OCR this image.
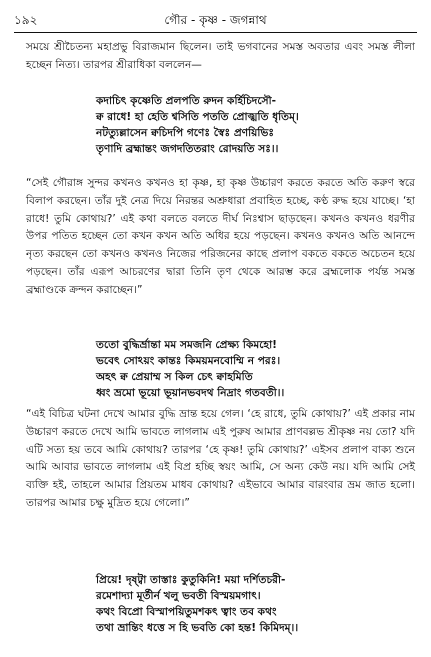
১৯২	গৌর - কৃষ্ণ - জগন্নাথ

সময়ে শ্রীচৈতন্য মহাপ্রভু বিরাজমান ছিলেন। তাই ভগবানের সমস্ত অবতার এবং সমস্ত লীলা হচ্ছেন নিত্য। তারপর শ্রীরাধিকা বললেন—

কদাচিৎ কৃষ্ণেতি প্রলপতি রুদন কর্হিচিদসৌ-
ক্ব রাধে! হা হেতি শ্বসিতি পততি প্রোজ্ঝতি ধৃতিম্।
নটত্যুল্লাসেন ক্বচিদপি গণেঃ স্বৈঃ প্রণয়িভিঃ
তৃণাদি ব্রহ্মান্তং জগদতিতরাং রোদয়তি সঃ।।

“সেই গৌরাঙ্গ সুন্দর কখনও কখনও হা কৃষ্ণ, হা কৃষ্ণ উচ্চারণ করতে করতে অতি করুণ স্বরে বিলাপ করছেন। তাঁর দুই নেত্র দিয়ে নিরন্তর অশ্রুধারা প্রবাহিত হচ্ছে, কণ্ঠ রুদ্ধ হয়ে যাচ্ছে। ‘হা রাধে! তুমি কোথায়?’ এই কথা বলতে বলতে দীর্ঘ নিঃশ্বাস ছাড়ছেন। কখনও কখনও ধরণীর উপর পতিত হচ্ছেন তো কখন কখন অতি অধির হয়ে পড়ছেন। কখনও কখনও অতি আনন্দে নৃত্য করছেন তো কখনও কখনও নিজের পরিজনের কাছে প্রলাপ বকতে বকতে অচেতন হয়ে পড়ছেন। তাঁর এরূপ আচরণের দ্বারা তিনি তৃণ থেকে আরম্ভ করে ব্রহ্মলোক পর্যন্ত সমস্ত ব্রহ্মাণ্ডকে ক্রন্দন করাচ্ছেন।”

ততো বুদ্ধির্ভ্রান্তা মম সমজনি প্রেক্ষ্য কিমহো!
ভবেৎ সোঽয়ং কান্তঃ কিময়মনবোম্মি ন পরঃ।
অহৎ ক্ব প্রেয়াম্ম স কিল চেৎ ক্বাহমিতি
ধ্বং ভ্রমো ভূয়ো ভূয়ানভবদথ নিদ্রাং গতবতী।।

“এই বিচিত্র ঘটনা দেখে আমার বুদ্ধি ভ্রান্ত হয়ে গেল। ‘হে রাধে, তুমি কোথায়?’ এই প্রকার নাম উচ্চারণ করতে দেখে আমি ভাবতে লাগলাম এই পুরুষ আমার প্রাণবল্লভ শ্রীকৃষ্ণ নয় তো? যদি এটি সত্য হয় তবে আমি কোথায়? তারপর ‘হে কৃষ্ণ! তুমি কোথায়?’ এইসব প্রলাপ বাক্য শুনে আমি আবার ভাবতে লাগলাম এই বিপ্র হচ্ছি স্বয়ং আমি, সে অন্য কেউ নয়। যদি আমি সেই ব্যক্তি হই, তাহলে আমার প্রিয়তম মাধব কোথায়? এইভাবে আমার বারংবার ভ্রম জাত হলো। তারপর আমার চক্ষু মুদ্রিত হয়ে গেলো।”

প্রিয়ে! দৃষ্ট্বা তাস্তাঃ কুতুকিনি! ময়া দর্শিতচরী-
রমেশাদ্যা মূর্তীর্ন খলু ভবতী বিস্ময়মগাৎ।
কথং বিপ্রো বিস্মাপয়িতুমশকৎ ত্বাং তব কথং
তথা ভ্রান্তিং ধত্তে স হি ভবতি কো হন্ত! কিমিদম্।।
